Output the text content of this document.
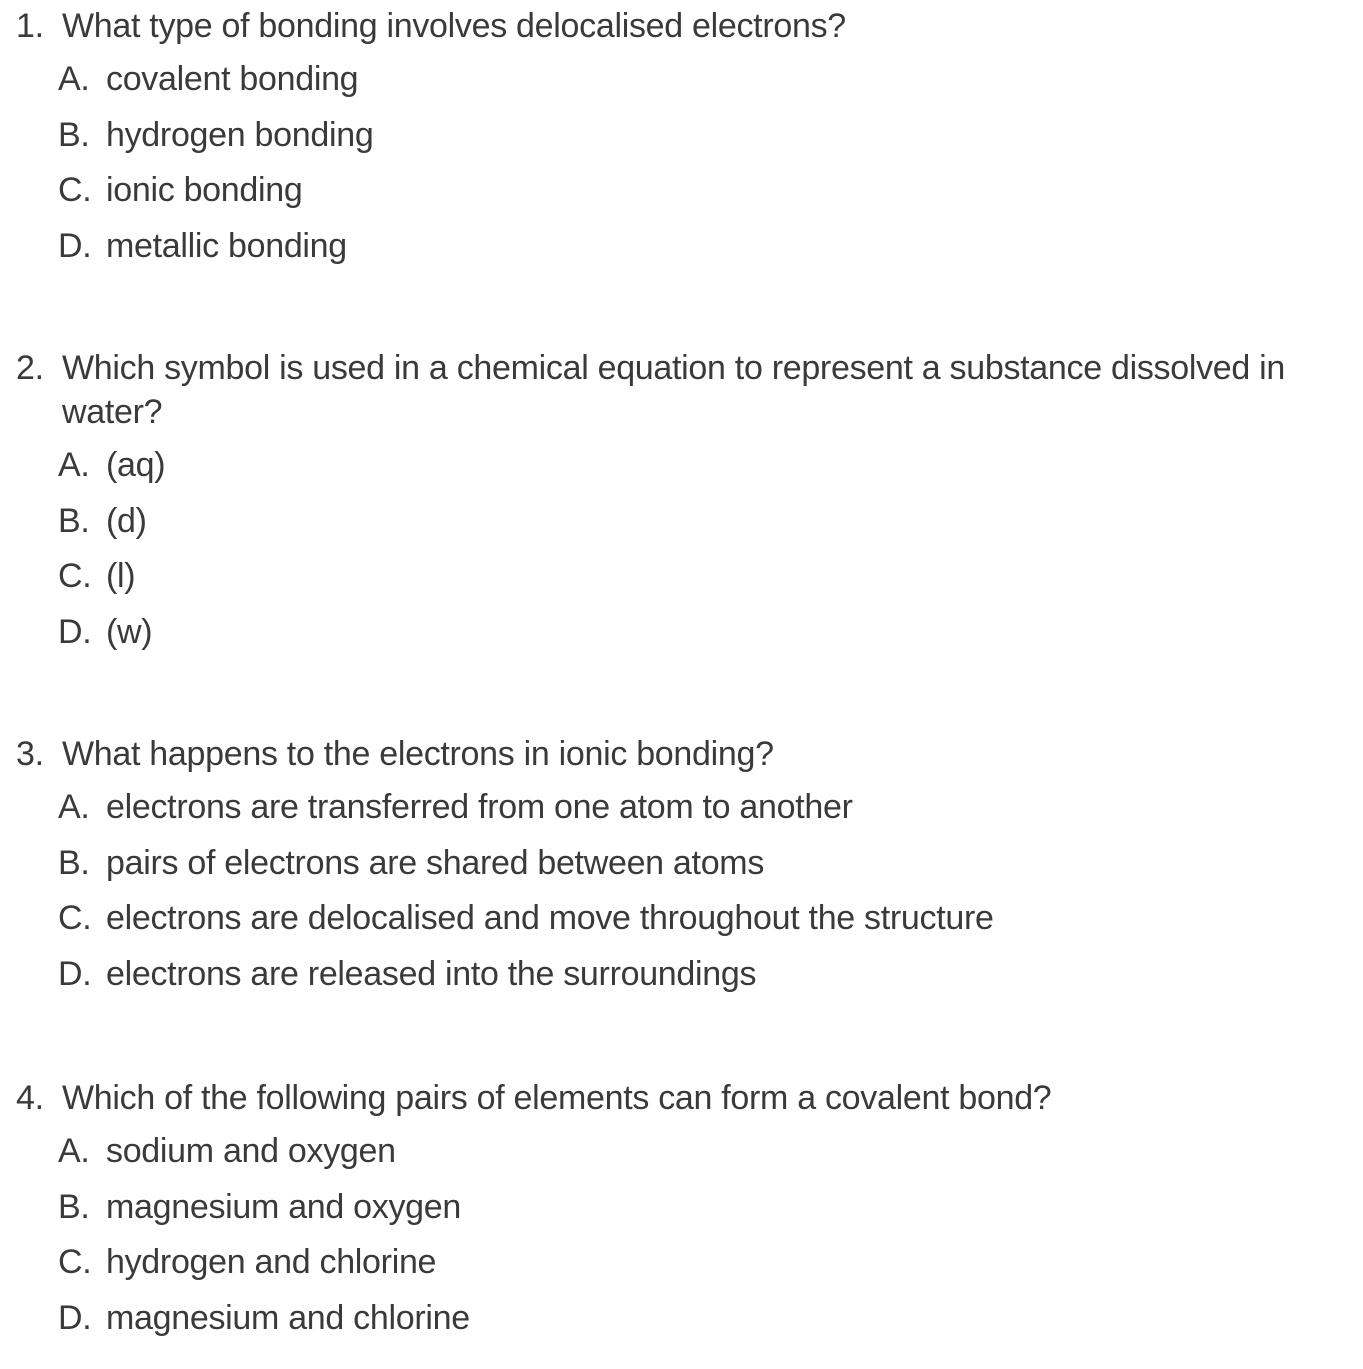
1. What type of bonding involves delocalised electrons?
A. covalent bonding
B. hydrogen bonding
C. ionic bonding
D. metallic bonding
2. Which symbol is used in a chemical equation to represent a substance dissolved in water?
A. (aq)
B. (d)
C. (l)
D. (w)
3. What happens to the electrons in ionic bonding?
A. electrons are transferred from one atom to another
B. pairs of electrons are shared between atoms
C. electrons are delocalised and move throughout the structure
D. electrons are released into the surroundings
4. Which of the following pairs of elements can form a covalent bond?
A. sodium and oxygen
B. magnesium and oxygen
C. hydrogen and chlorine
D. magnesium and chlorine
